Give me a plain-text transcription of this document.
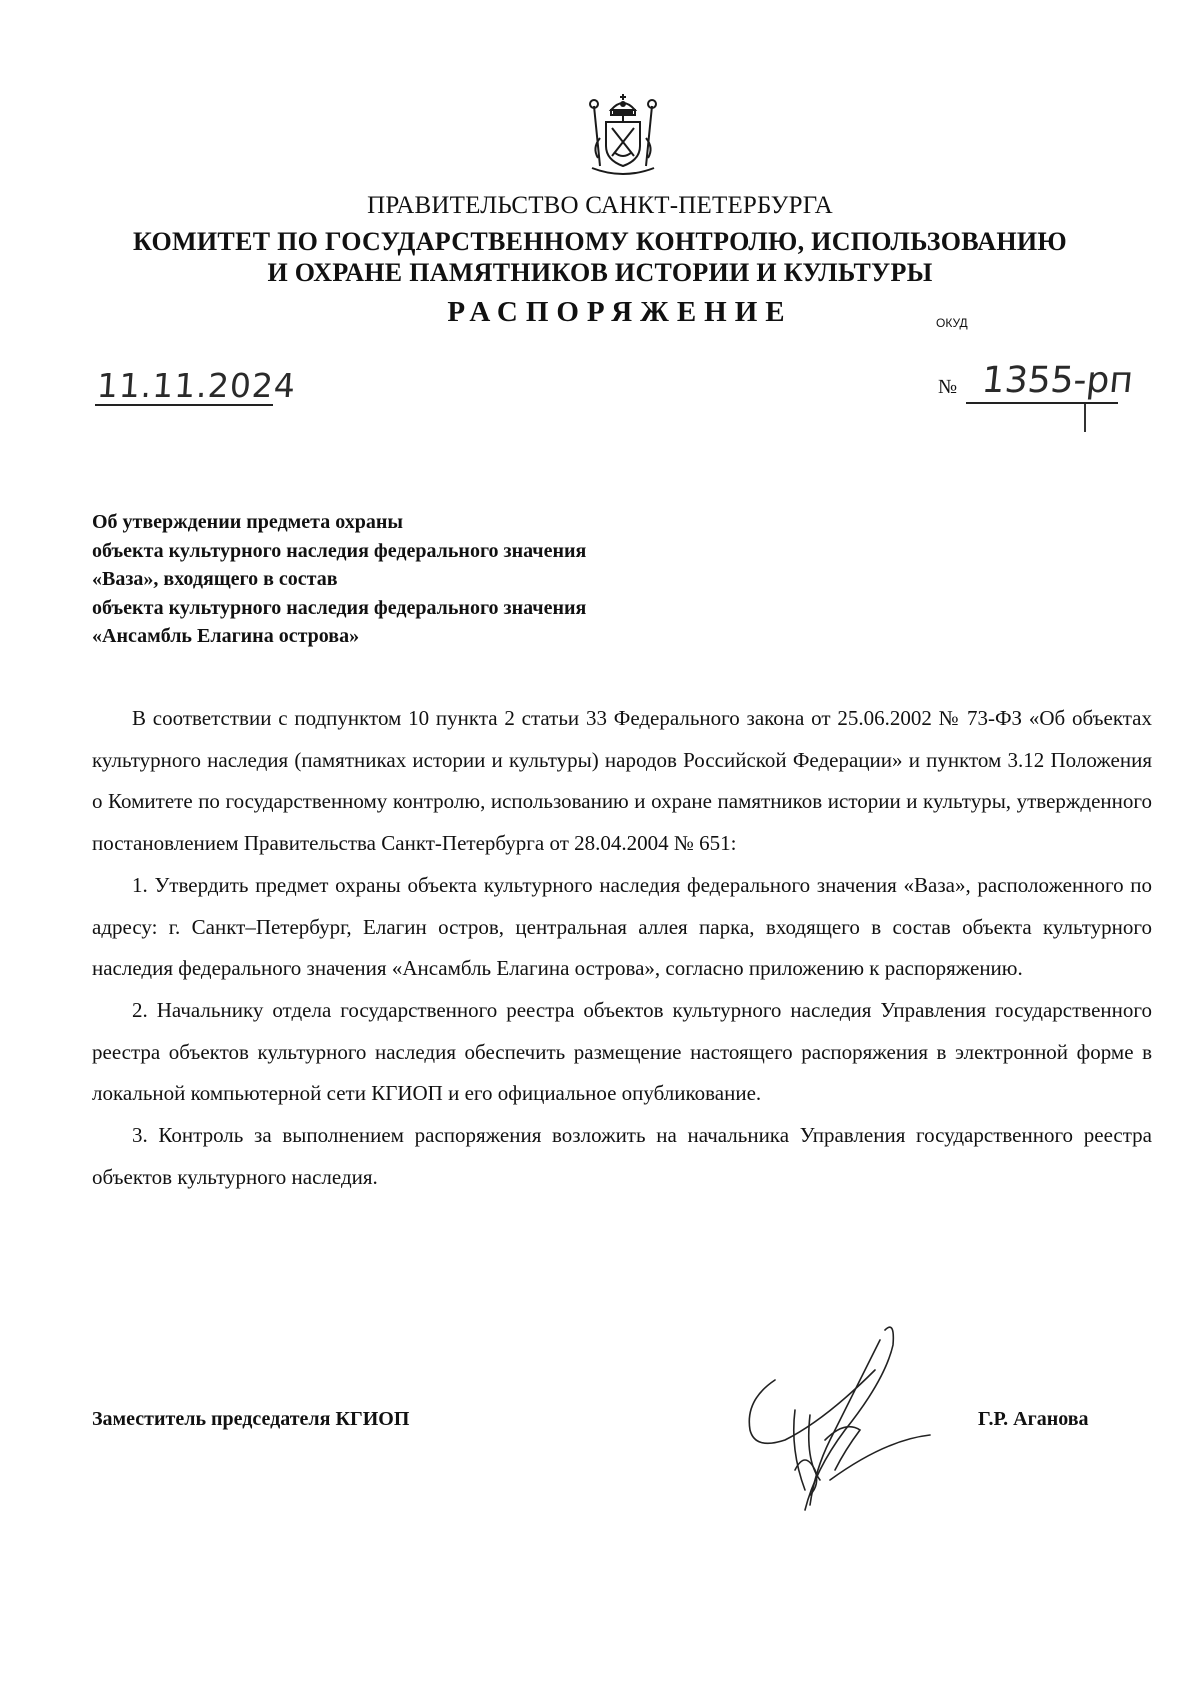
ПРАВИТЕЛЬСТВО САНКТ-ПЕТЕРБУРГА
КОМИТЕТ ПО ГОСУДАРСТВЕННОМУ КОНТРОЛЮ, ИСПОЛЬЗОВАНИЮ
И ОХРАНЕ ПАМЯТНИКОВ ИСТОРИИ И КУЛЬТУРЫ
РАСПОРЯЖЕНИЕ	ОКУД
11.11.2024	№ 1355-рп
Об утверждении предмета охраны
объекта культурного наследия федерального значения
«Ваза», входящего в состав
объекта культурного наследия федерального значения
«Ансамбль Елагина острова»

В соответствии с подпунктом 10 пункта 2 статьи 33 Федерального закона от 25.06.2002 № 73-ФЗ «Об объектах культурного наследия (памятниках истории и культуры) народов Российской Федерации» и пунктом 3.12 Положения о Комитете по государственному контролю, использованию и охране памятников истории и культуры, утвержденного постановлением Правительства Санкт-Петербурга от 28.04.2004 № 651:

1. Утвердить предмет охраны объекта культурного наследия федерального значения «Ваза», расположенного по адресу: г. Санкт–Петербург, Елагин остров, центральная аллея парка, входящего в состав объекта культурного наследия федерального значения «Ансамбль Елагина острова», согласно приложению к распоряжению.

2. Начальнику отдела государственного реестра объектов культурного наследия Управления государственного реестра объектов культурного наследия обеспечить размещение настоящего распоряжения в электронной форме в локальной компьютерной сети КГИОП и его официальное опубликование.

3. Контроль за выполнением распоряжения возложить на начальника Управления государственного реестра объектов культурного наследия.

Заместитель председателя КГИОП	Г.Р. Аганова
